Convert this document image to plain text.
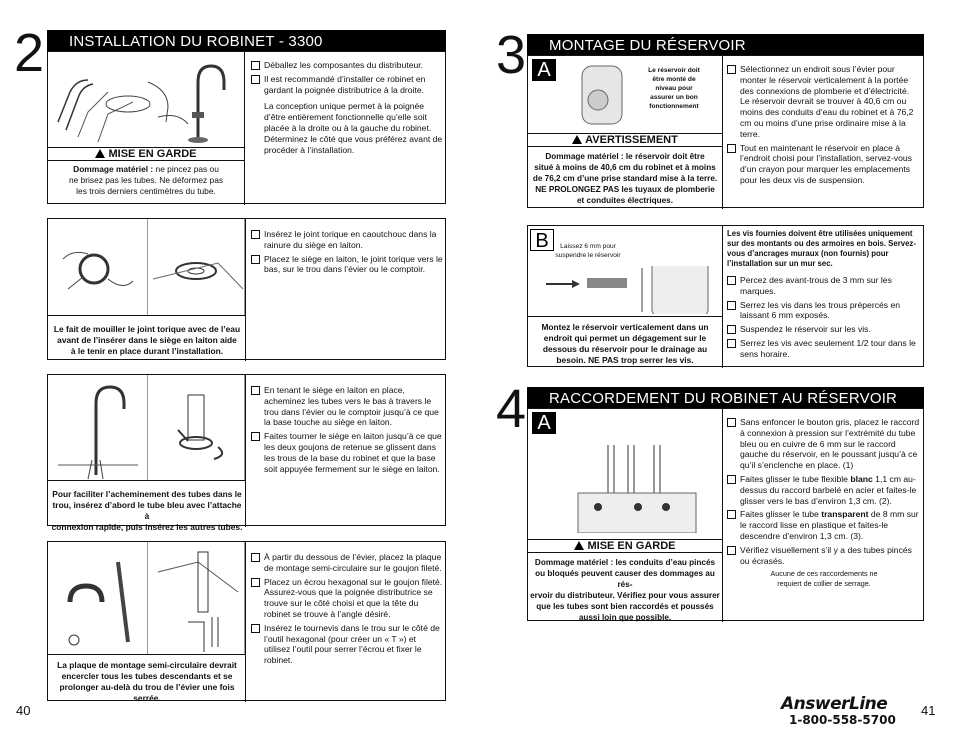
2	INSTALLATION DU ROBINET - 3300
MISE EN GARDE
Dommage matériel : ne pincez pas ou
ne brisez pas les tubes. Ne déformez pas
les trois derniers centimètres du tube.
Déballez les composantes du distributeur.
Il est recommandé d’installer ce robinet en gardant la poignée distributrice à la droite.
La conception unique permet à la poignée d’être entièrement fonctionnelle qu’elle soit placée à la droite ou à la gauche du robinet. Déterminez le côté que vous préférez avant de procéder à l’installation.
Le fait de mouiller le joint torique avec de l’eau
avant de l’insérer dans le siège en laiton aide
à le tenir en place durant l’installation.
Insérez le joint torique en caoutchouc dans la rainure du siège en laiton.
Placez le siège en laiton, le joint torique vers le bas, sur le trou dans l’évier ou le comptoir.
Pour faciliter l’acheminement des tubes dans le
trou, insérez d’abord le tube bleu avec l’attache à
connexion rapide, puis insérez les autres tubes.
En tenant le siège en laiton en place, acheminez les tubes vers le bas à travers le trou dans l’évier ou le comptoir jusqu’à ce que la base touche au siège en laiton.
Faites tourner le siège en laiton jusqu’à ce que les deux goujons de retenue se glissent dans les trous de la base du robinet et que la base soit appuyée fermement sur le siège en laiton.
La plaque de montage semi-circulaire devrait
encercler tous les tubes descendants et se
prolonger au-delà du trou de l’évier une fois serrée.
À partir du dessous de l’évier, placez la plaque de montage semi-circulaire sur le goujon fileté.
Placez un écrou hexagonal sur le goujon fileté. Assurez-vous que la poignée distributrice se trouve sur le côté choisi et que la tête du robinet se trouve à l’angle désiré.
Insérez le tournevis dans le trou sur le côté de l’outil hexagonal (pour créer un « T ») et utilisez l’outil pour serrer l’écrou et fixer le robinet.
40
3	MONTAGE DU RÉSERVOIR
A	Le réservoir doit
être monté de
niveau pour
assurer un bon
fonctionnement
AVERTISSEMENT
Dommage matériel : le réservoir doit être
situé à moins de 40,6 cm du robinet et à moins
de 76,2 cm d’une prise standard mise à la terre.
NE PROLONGEZ PAS les tuyaux de plomberie
et conduites électriques.
Sélectionnez un endroit sous l’évier pour monter le réservoir verticalement à la portée des connexions de plomberie et d’électricité. Le réservoir devrait se trouver à 40,6 cm ou moins des conduits d’eau du robinet et à 76,2 cm ou moins d’une prise ordinaire mise à la terre.
Tout en maintenant le réservoir en place à l’endroit choisi pour l’installation, servez-vous d’un crayon pour marquer les emplacements pour les deux vis de suspension.
B	Laissez 6 mm pour
suspendre le réservoir
Montez le réservoir verticalement dans un
endroit qui permet un dégagement sur le
dessous du réservoir pour le drainage au
besoin. NE PAS trop serrer les vis.
Les vis fournies doivent être utilisées uniquement sur des montants ou des armoires en bois. Servez-vous d’ancrages muraux (non fournis) pour l’installation sur un mur sec.
Percez des avant-trous de 3 mm sur les marques.
Serrez les vis dans les trous prépercés en laissant 6 mm exposés.
Suspendez le réservoir sur les vis.
Serrez les vis avec seulement 1/2 tour dans le sens horaire.
4	RACCORDEMENT DU ROBINET AU RÉSERVOIR
A
MISE EN GARDE
Dommage matériel : les conduits d’eau pincés
ou bloqués peuvent causer des dommages au rés-
ervoir du distributeur. Vérifiez pour vous assurer
que les tubes sont bien raccordés et poussés
aussi loin que possible.
Sans enfoncer le bouton gris, placez le raccord à connexion à pression sur l’extrémité du tube bleu ou en cuivre de 6 mm sur le raccord gauche du réservoir, en le poussant jusqu’à ce qu’il s’enclenche en place. (1)
Faites glisser le tube flexible blanc 1,1 cm au-dessus du raccord barbelé en acier et faites-le glisser vers le bas d’environ 1,3 cm. (2).
Faites glisser le tube transparent de 8 mm sur le raccord lisse en plastique et faites-le descendre d’environ 1,3 cm. (3).
Vérifiez visuellement s’il y a des tubes pincés ou écrasés.
Aucune de ces raccordements ne
requiert de collier de serrage.
AnswerLine
1-800-558-5700
41
